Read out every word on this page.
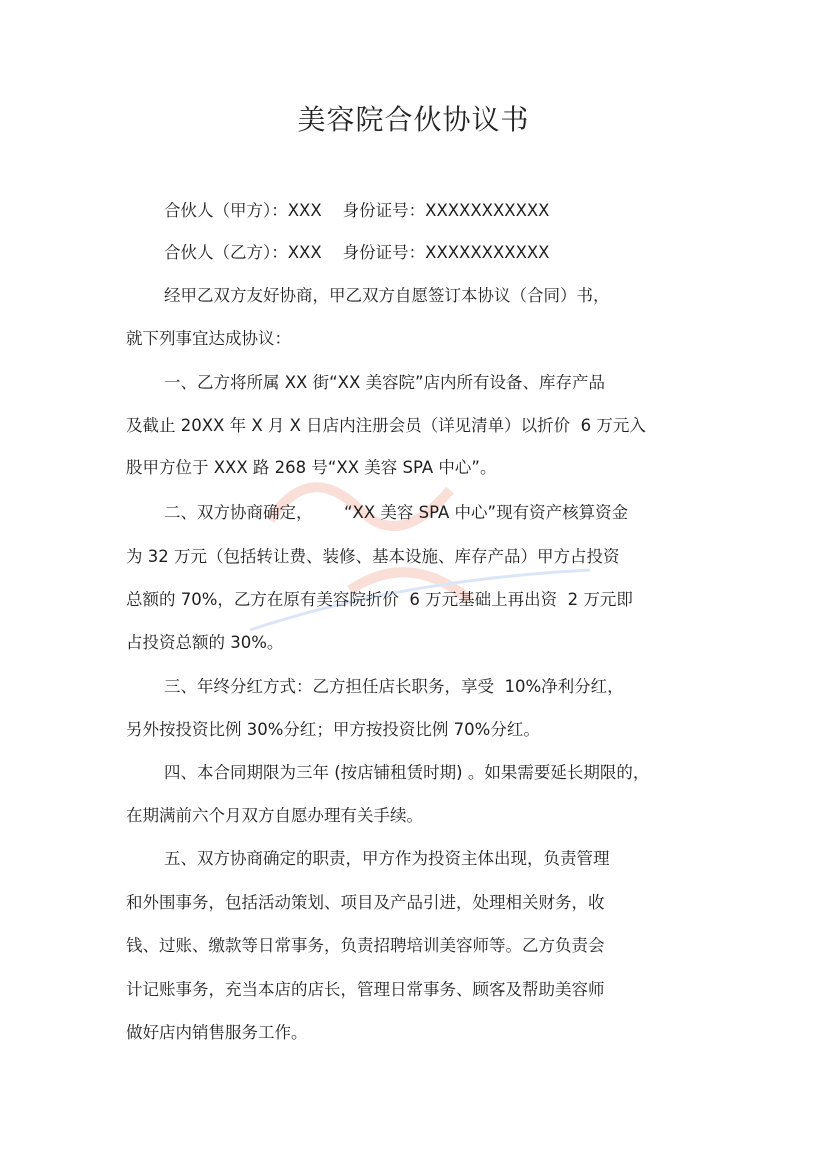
美容院合伙协议书
合伙人（甲方）：XXX    身份证号：XXXXXXXXXXX
合伙人（乙方）：XXX    身份证号：XXXXXXXXXXX
经甲乙双方友好协商，甲乙双方自愿签订本协议（合同）书，
就下列事宜达成协议：
一、乙方将所属 XX 街“XX 美容院”店内所有设备、库存产品
及截止 20XX 年 X 月 X 日店内注册会员（详见清单）以折价  6 万元入
股甲方位于 XXX 路 268 号“XX 美容 SPA 中心”。
二、双方协商确定，      “XX 美容 SPA 中心”现有资产核算资金
为 32 万元（包括转让费、装修、基本设施、库存产品）甲方占投资
总额的 70%，乙方在原有美容院折价  6 万元基础上再出资  2 万元即
占投资总额的 30%。
三、年终分红方式：乙方担任店长职务，享受  10%净利分红，
另外按投资比例 30%分红；甲方按投资比例 70%分红。
四、本合同期限为三年 (按店铺租赁时期) 。如果需要延长期限的，
在期满前六个月双方自愿办理有关手续。
五、双方协商确定的职责，甲方作为投资主体出现，负责管理
和外围事务，包括活动策划、项目及产品引进，处理相关财务，收
钱、过账、缴款等日常事务，负责招聘培训美容师等。乙方负责会
计记账事务，充当本店的店长，管理日常事务、顾客及帮助美容师
做好店内销售服务工作。
